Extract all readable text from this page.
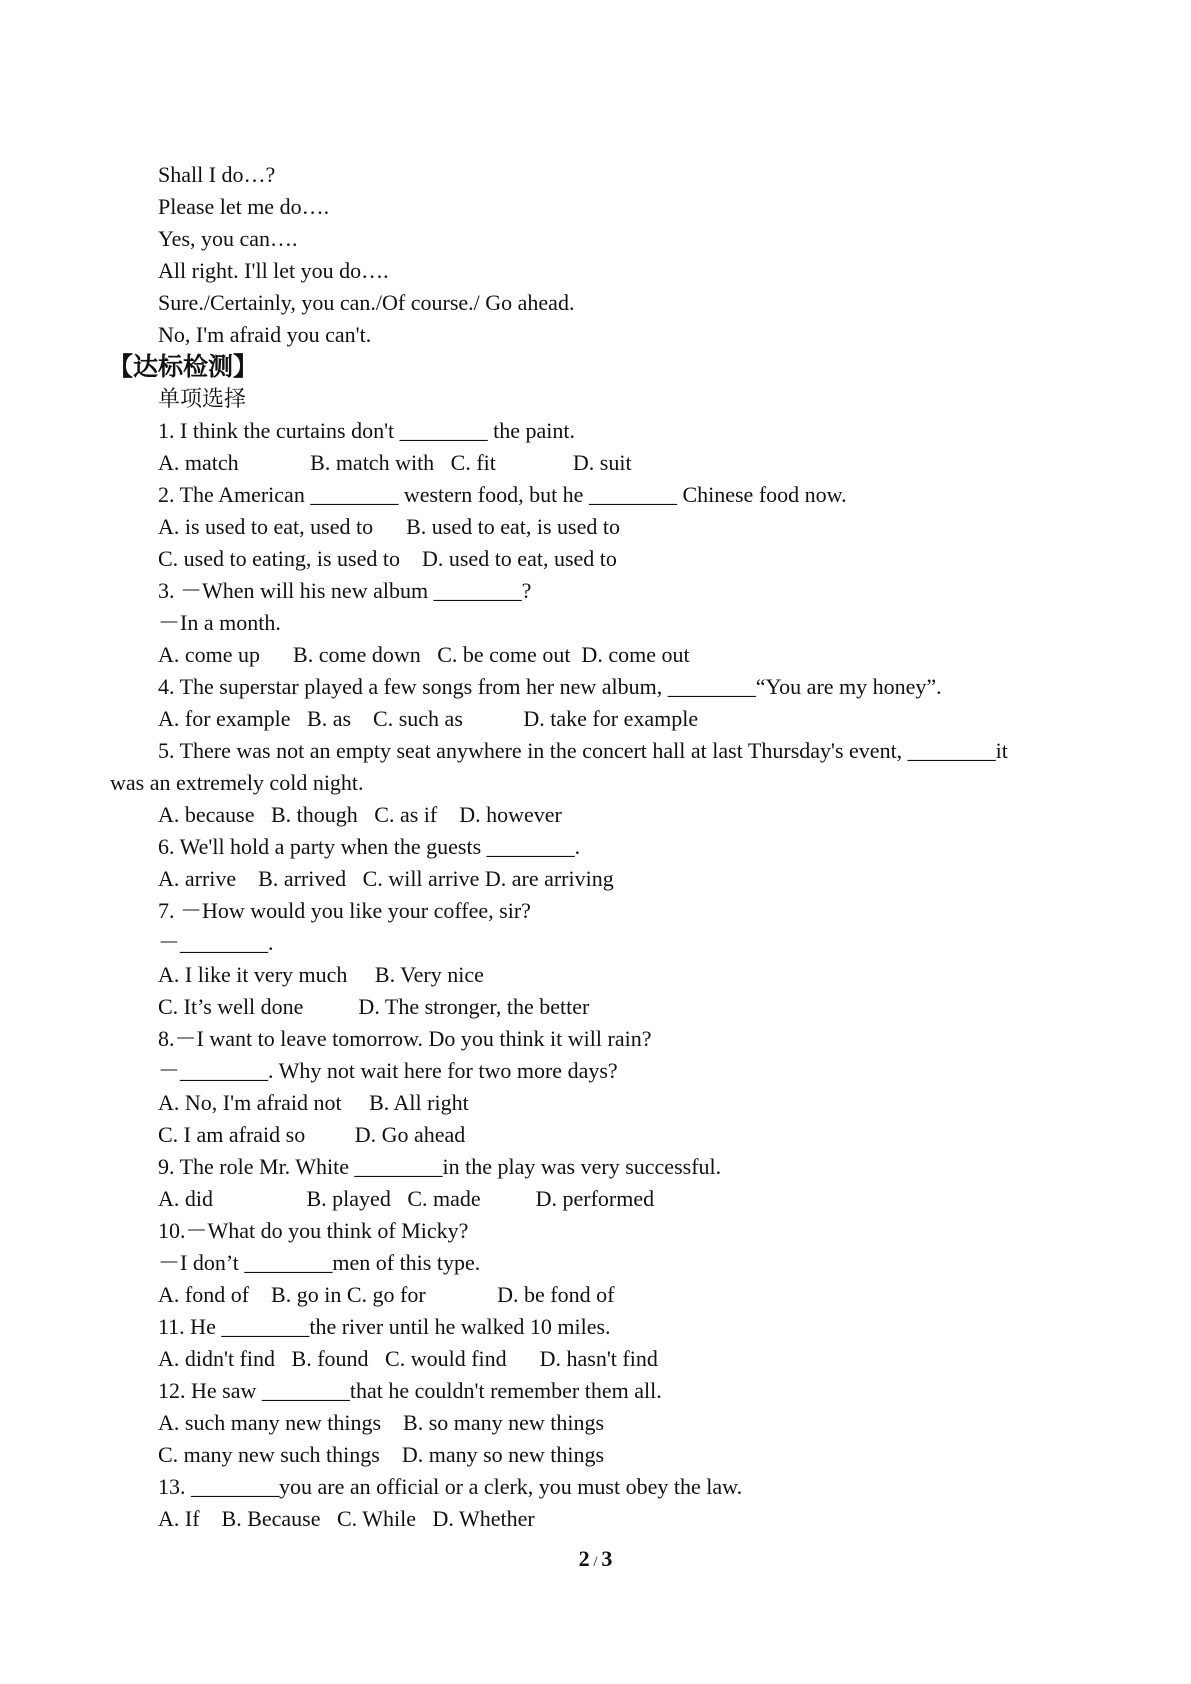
Shall I do…?
Please let me do….
Yes, you can….
All right. I'll let you do….
Sure./Certainly, you can./Of course./ Go ahead.
No, I'm afraid you can't.
【达标检测】
单项选择
1. I think the curtains don't ________ the paint.
A. match             B. match with   C. fit              D. suit
2. The American ________ western food, but he ________ Chinese food now.
A. is used to eat, used to      B. used to eat, is used to
C. used to eating, is used to    D. used to eat, used to
3. －When will his new album ________?
－In a month.
A. come up      B. come down   C. be come out  D. come out
4. The superstar played a few songs from her new album, ________“You are my honey”.
A. for example   B. as    C. such as           D. take for example
5. There was not an empty seat anywhere in the concert hall at last Thursday's event, ________it
was an extremely cold night.
A. because   B. though   C. as if    D. however
6. We'll hold a party when the guests ________.
A. arrive    B. arrived   C. will arrive D. are arriving
7. －How would you like your coffee, sir?
－________.
A. I like it very much     B. Very nice
C. It’s well done          D. The stronger, the better
8.－I want to leave tomorrow. Do you think it will rain?
－________. Why not wait here for two more days?
A. No, I'm afraid not     B. All right
C. I am afraid so         D. Go ahead
9. The role Mr. White ________in the play was very successful.
A. did                 B. played   C. made          D. performed
10.－What do you think of Micky?
－I don’t ________men of this type.
A. fond of    B. go in C. go for             D. be fond of
11. He ________the river until he walked 10 miles.
A. didn't find   B. found   C. would find      D. hasn't find
12. He saw ________that he couldn't remember them all.
A. such many new things    B. so many new things
C. many new such things    D. many so new things
13. ________you are an official or a clerk, you must obey the law.
A. If    B. Because   C. While   D. Whether
2 / 3
